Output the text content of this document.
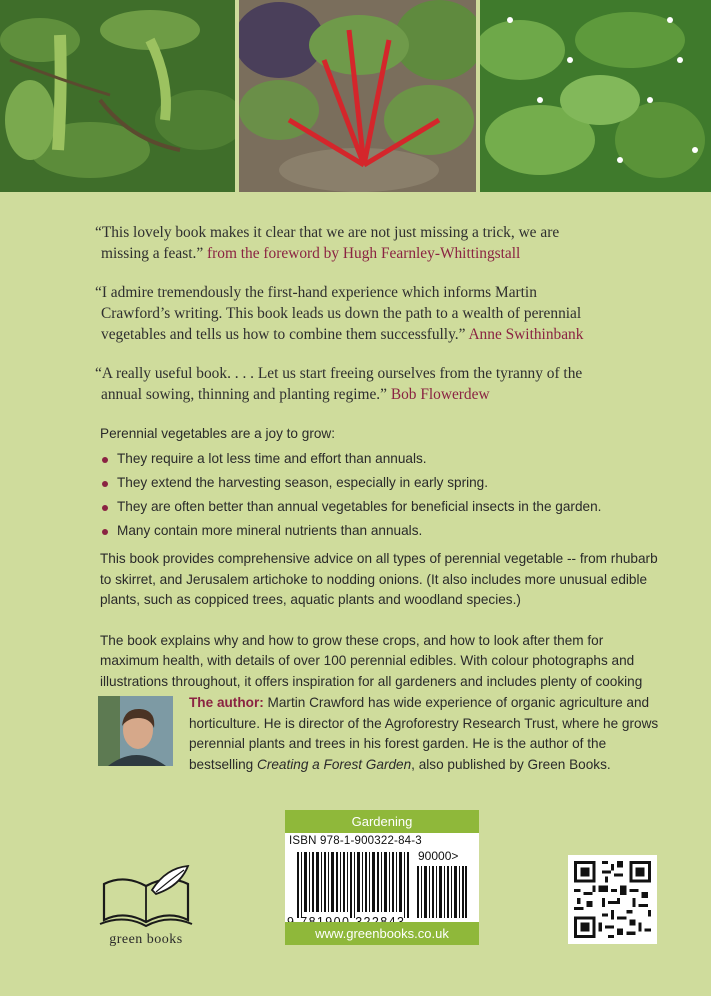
“This lovely book makes it clear that we are not just missing a trick, we are
missing a feast.” from the foreword by Hugh Fearnley-Whittingstall

“I admire tremendously the first-hand experience which informs Martin
Crawford’s writing. This book leads us down the path to a wealth of perennial
vegetables and tells us how to combine them successfully.” Anne Swithinbank

“A really useful book. . . . Let us start freeing ourselves from the tyranny of the
annual sowing, thinning and planting regime.” Bob Flowerdew

Perennial vegetables are a joy to grow:

They require a lot less time and effort than annuals.
They extend the harvesting season, especially in early spring.
They are often better than annual vegetables for beneficial insects in the garden.
Many contain more mineral nutrients than annuals.

This book provides comprehensive advice on all types of perennial vegetable -- from rhubarb to skirret, and Jerusalem artichoke to nodding onions. (It also includes more unusual edible plants, such as coppiced trees, aquatic plants and woodland species.)

The book explains why and how to grow these crops, and how to look after them for maximum health, with details of over 100 perennial edibles. With colour photographs and illustrations throughout, it offers inspiration for all gardeners and includes plenty of cooking

The author: Martin Crawford has wide experience of organic agriculture and horticulture. He is director of the Agroforestry Research Trust, where he grows perennial plants and trees in his forest garden. He is the author of the bestselling Creating a Forest Garden, also published by Green Books.
green books
Gardening
ISBN 978-1-900322-84-3
90000>
www.greenbooks.co.uk
